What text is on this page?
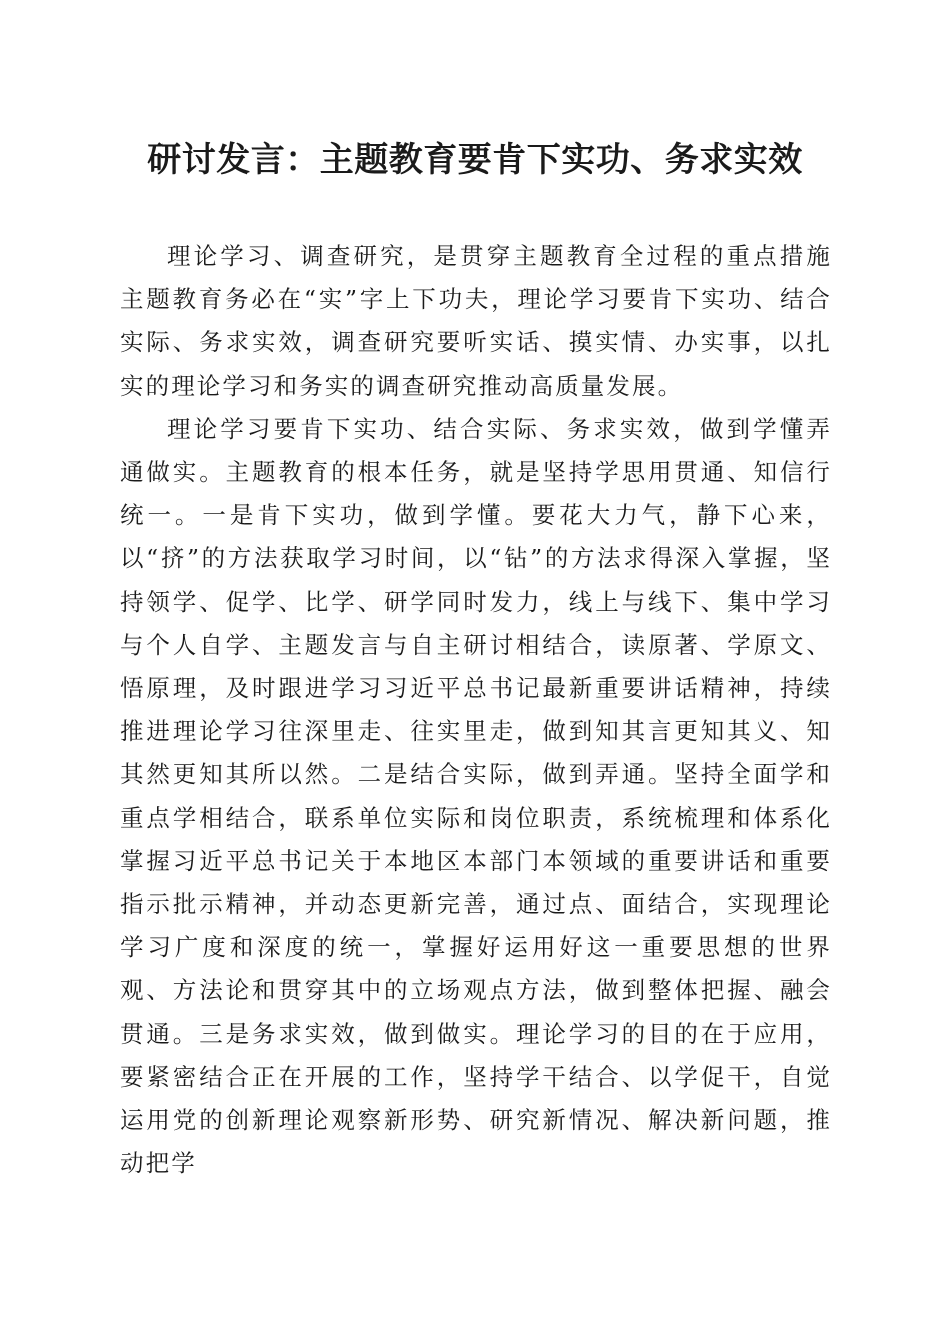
研讨发言：主题教育要肯下实功、务求实效

理论学习、调查研究，是贯穿主题教育全过程的重点措施主题教育务必在“实”字上下功夫，理论学习要肯下实功、结合实际、务求实效，调查研究要听实话、摸实情、办实事，以扎实的理论学习和务实的调查研究推动高质量发展。

理论学习要肯下实功、结合实际、务求实效，做到学懂弄通做实。主题教育的根本任务，就是坚持学思用贯通、知信行统一。一是肯下实功，做到学懂。要花大力气，静下心来，以“挤”的方法获取学习时间，以“钻”的方法求得深入掌握，坚持领学、促学、比学、研学同时发力，线上与线下、集中学习与个人自学、主题发言与自主研讨相结合，读原著、学原文、悟原理，及时跟进学习习近平总书记最新重要讲话精神，持续推进理论学习往深里走、往实里走，做到知其言更知其义、知其然更知其所以然。二是结合实际，做到弄通。坚持全面学和重点学相结合，联系单位实际和岗位职责，系统梳理和体系化掌握习近平总书记关于本地区本部门本领域的重要讲话和重要指示批示精神，并动态更新完善，通过点、面结合，实现理论学习广度和深度的统一，掌握好运用好这一重要思想的世界观、方法论和贯穿其中的立场观点方法，做到整体把握、融会贯通。三是务求实效，做到做实。理论学习的目的在于应用，要紧密结合正在开展的工作，坚持学干结合、以学促干，自觉运用党的创新理论观察新形势、研究新情况、解决新问题，推动把学
